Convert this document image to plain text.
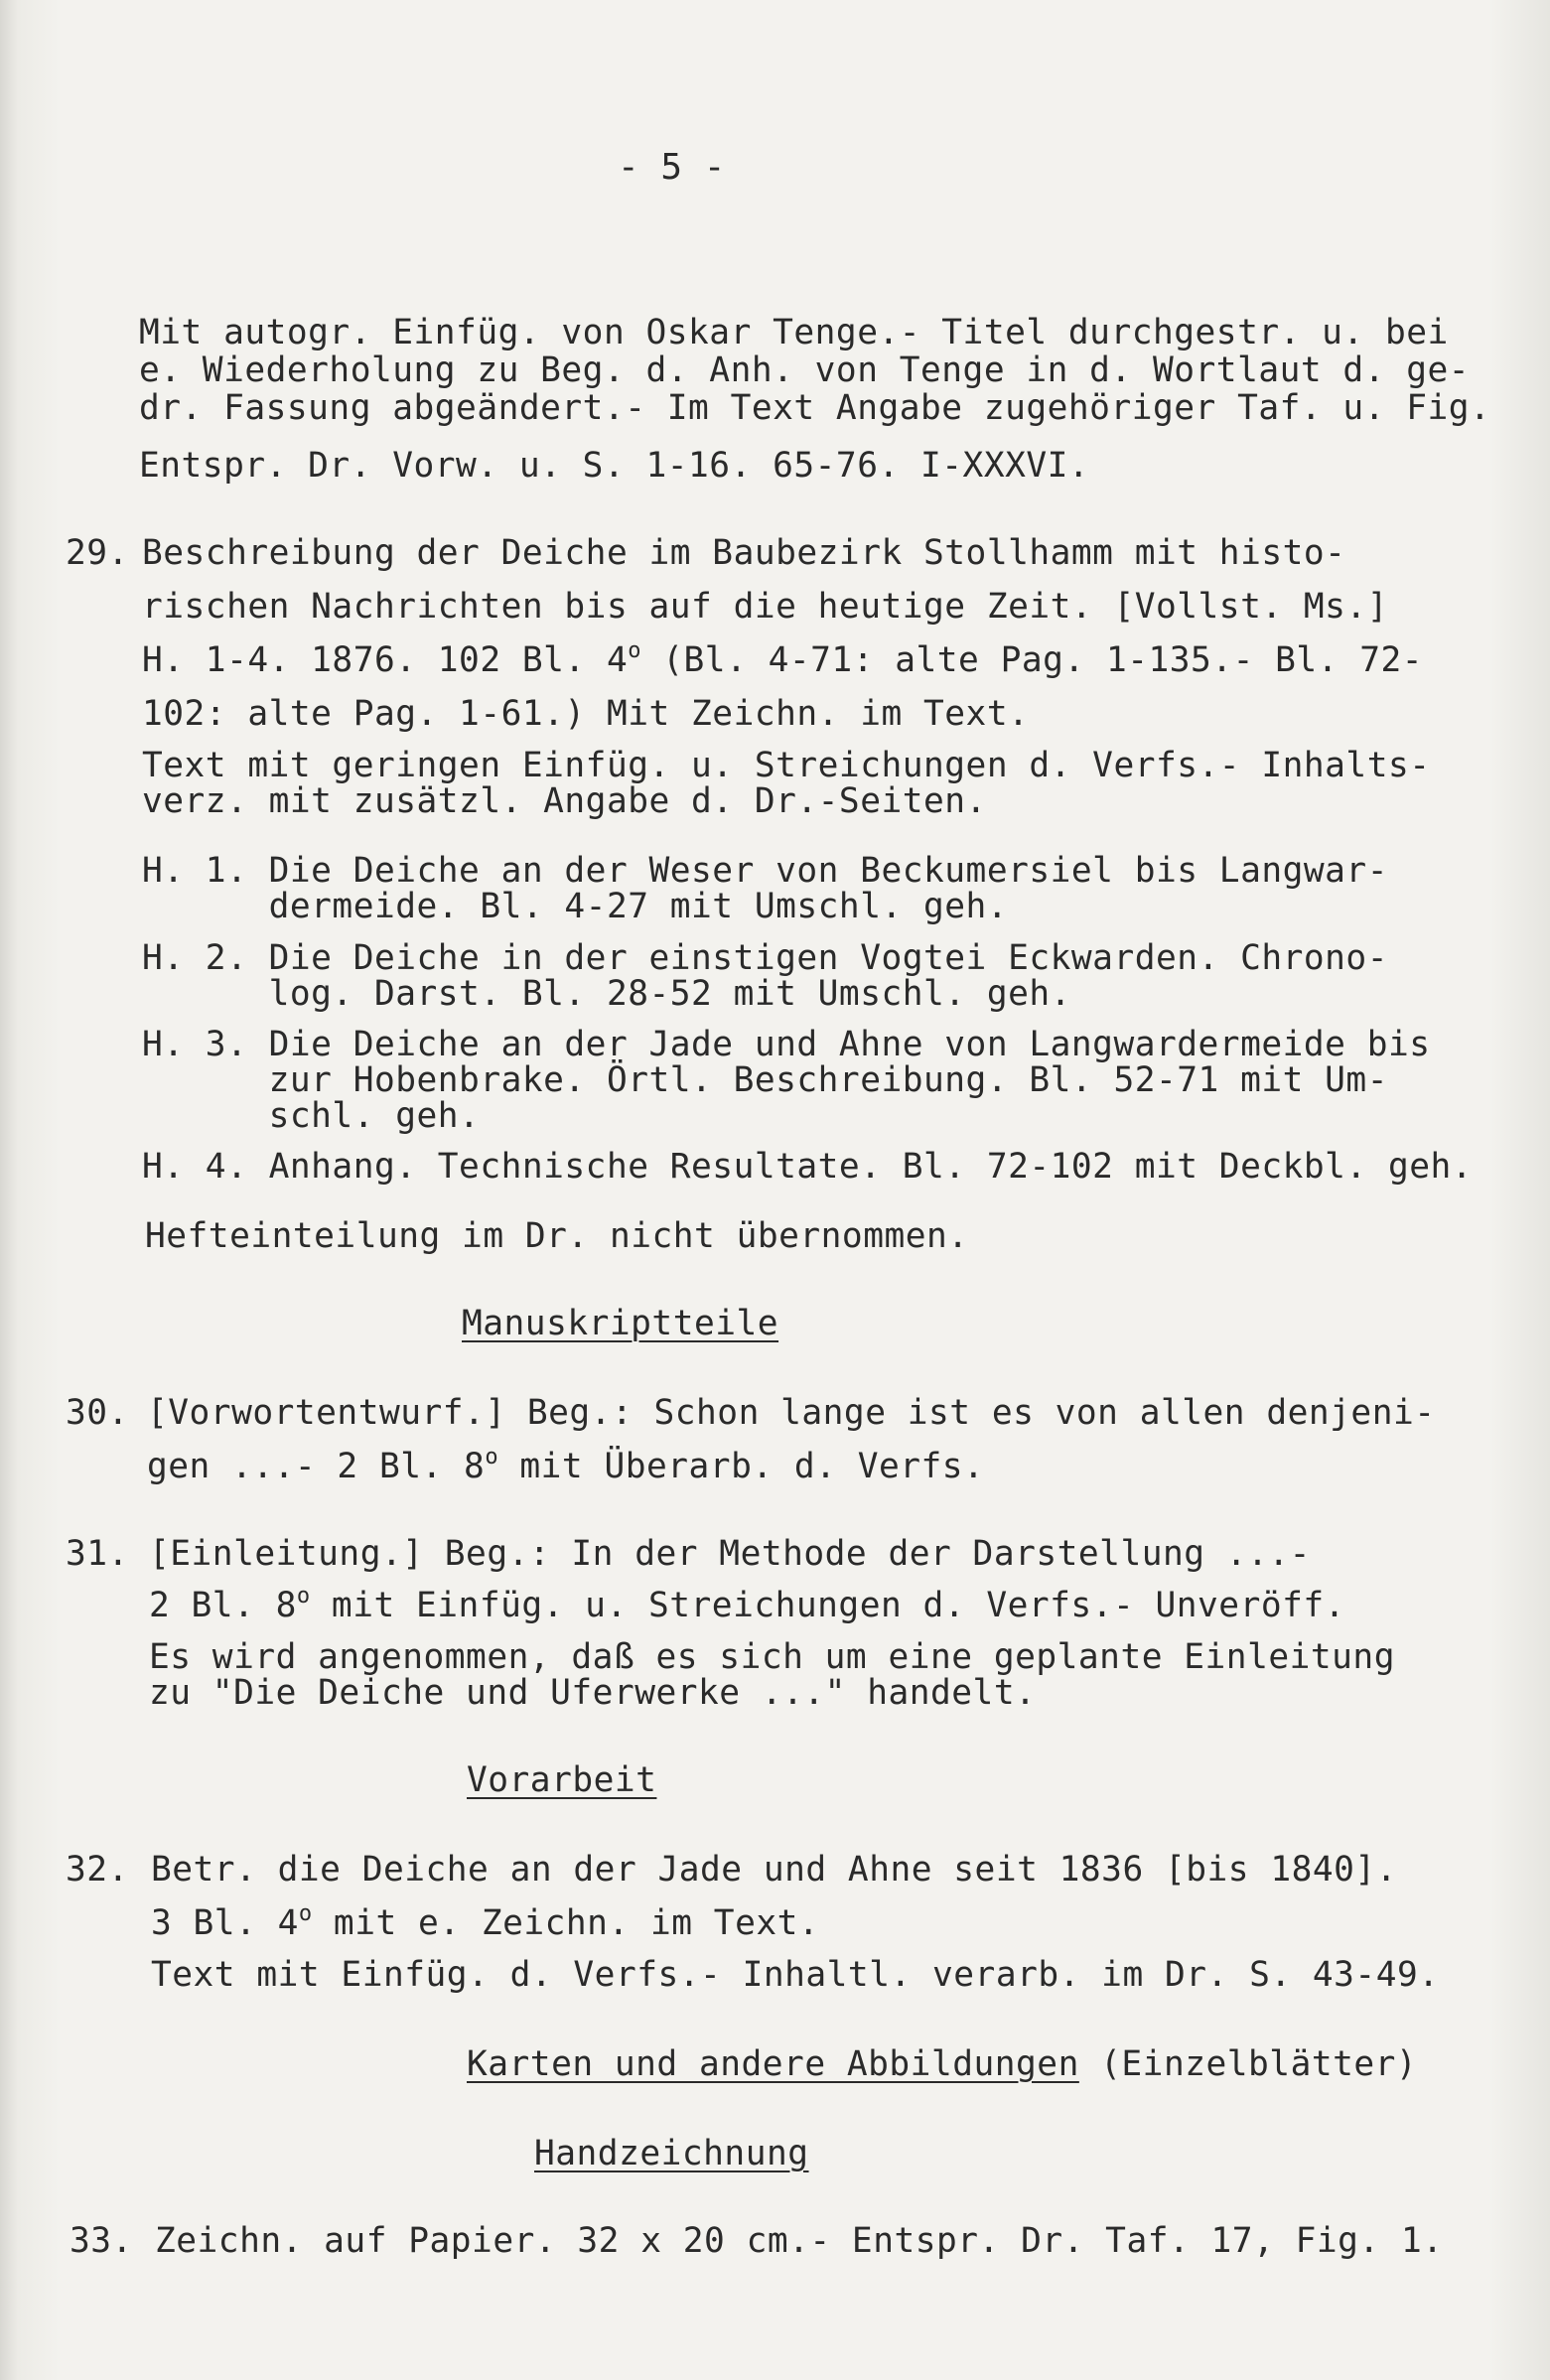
- 5 -
Mit autogr. Einfüg. von Oskar Tenge.- Titel durchgestr. u. bei
e. Wiederholung zu Beg. d. Anh. von Tenge in d. Wortlaut d. ge-
dr. Fassung abgeändert.- Im Text Angabe zugehöriger Taf. u. Fig.
Entspr. Dr. Vorw. u. S. 1-16. 65-76. I-XXXVI.
29. Beschreibung der Deiche im Baubezirk Stollhamm mit histo-
rischen Nachrichten bis auf die heutige Zeit. [Vollst. Ms.]
H. 1-4. 1876. 102 Bl. 4$^o$ (Bl. 4-71: alte Pag. 1-135.- Bl. 72-
102: alte Pag. 1-61.) Mit Zeichn. im Text.
Text mit geringen Einfüg. u. Streichungen d. Verfs.- Inhalts-
verz. mit zusätzl. Angabe d. Dr.-Seiten.
H. 1. Die Deiche an der Weser von Beckumersiel bis Langwar-
dermeide. Bl. 4-27 mit Umschl. geh.
H. 2. Die Deiche in der einstigen Vogtei Eckwarden. Chrono-
log. Darst. Bl. 28-52 mit Umschl. geh.
H. 3. Die Deiche an der Jade und Ahne von Langwardermeide bis
zur Hobenbrake. Örtl. Beschreibung. Bl. 52-71 mit Um-
schl. geh.
H. 4. Anhang. Technische Resultate. Bl. 72-102 mit Deckbl. geh.
Hefteinteilung im Dr. nicht übernommen.
Manuskriptteile
30. [Vorwortentwurf.] Beg.: Schon lange ist es von allen denjeni-
gen ...- 2 Bl. 8$^o$ mit Überarb. d. Verfs.
31. [Einleitung.] Beg.: In der Methode der Darstellung ...-
2 Bl. 8$^o$ mit Einfüg. u. Streichungen d. Verfs.- Unveröff.
Es wird angenommen, daß es sich um eine geplante Einleitung
zu "Die Deiche und Uferwerke ..." handelt.
Vorarbeit
32. Betr. die Deiche an der Jade und Ahne seit 1836 [bis 1840].
3 Bl. 4$^o$ mit e. Zeichn. im Text.
Text mit Einfüg. d. Verfs.- Inhaltl. verarb. im Dr. S. 43-49.
Karten und andere Abbildungen (Einzelblätter)
Handzeichnung
33. Zeichn. auf Papier. 32 x 20 cm.- Entspr. Dr. Taf. 17, Fig. 1.
